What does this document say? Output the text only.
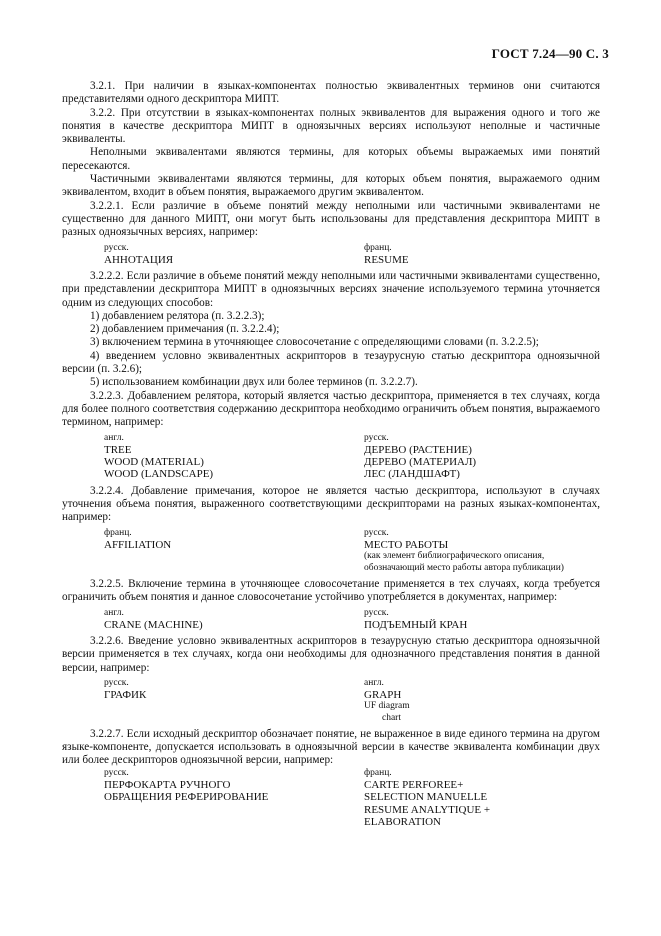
ГОСТ 7.24—90 С. 3

3.2.1. При наличии в языках-компонентах полностью эквивалентных терминов они считаются представителями одного дескриптора МИПТ.

3.2.2. При отсутствии в языках-компонентах полных эквивалентов для выражения одного и того же понятия в качестве дескриптора МИПТ в одноязычных версиях используют неполные и частичные эквиваленты.

Неполными эквивалентами являются термины, для которых объемы выражаемых ими понятий пересекаются.

Частичными эквивалентами являются термины, для которых объем понятия, выражаемого одним эквивалентом, входит в объем понятия, выражаемого другим эквивалентом.

3.2.2.1. Если различие в объеме понятий между неполными или частичными эквивалентами не существенно для данного МИПТ, они могут быть использованы для представления дескриптора МИПТ в разных одноязычных версиях, например:

русск.
АННОТАЦИЯ
франц.
RESUME

3.2.2.2. Если различие в объеме понятий между неполными или частичными эквивалентами существенно, при представлении дескриптора МИПТ в одноязычных версиях значение используемого термина уточняется одним из следующих способов:

1) добавлением релятора (п. 3.2.2.3);

2) добавлением примечания (п. 3.2.2.4);

3) включением термина в уточняющее словосочетание с определяющими словами (п. 3.2.2.5);

4) введением условно эквивалентных аскрипторов в тезаурусную статью дескриптора одноязычной версии (п. 3.2.6);

5) использованием комбинации двух или более терминов (п. 3.2.2.7).

3.2.2.3. Добавлением релятора, который является частью дескриптора, применяется в тех случаях, когда для более полного соответствия содержанию дескриптора необходимо ограничить объем понятия, выражаемого термином, например:

англ.
TREE
WOOD (MATERIAL)
WOOD (LANDSCAPE)
русск.
ДЕРЕВО (РАСТЕНИЕ)
ДЕРЕВО (МАТЕРИАЛ)
ЛЕС (ЛАНДШАФТ)

3.2.2.4. Добавление примечания, которое не является частью дескриптора, используют в случаях уточнения объема понятия, выраженного соответствующими дескрипторами на разных языках-компонентах, например:

франц.
AFFILIATION
русск.
МЕСТО РАБОТЫ
(как элемент библиографического описания,
обозначающий место работы автора публикации)

3.2.2.5. Включение термина в уточняющее словосочетание применяется в тех случаях, когда требуется ограничить объем понятия и данное словосочетание устойчиво употребляется в документах, например:

англ.
CRANE (MACHINE)
русск.
ПОДЪЕМНЫЙ КРАН

3.2.2.6. Введение условно эквивалентных аскрипторов в тезаурусную статью дескриптора одноязычной версии применяется в тех случаях, когда они необходимы для однозначного представления понятия в данной версии, например:

русск.
ГРАФИК
англ.
GRAPH
UF diagram
chart

3.2.2.7. Если исходный дескриптор обозначает понятие, не выраженное в виде единого термина на другом языке-компоненте, допускается использовать в одноязычной версии в качестве эквивалента комбинации двух или более дескрипторов одноязычной версии, например:

русск.
ПЕРФОКАРТА РУЧНОГО
ОБРАЩЕНИЯ РЕФЕРИРОВАНИЕ
франц.
CARTE PERFOREE+
SELECTION MANUELLE
RESUME ANALYTIQUE +
ELABORATION
